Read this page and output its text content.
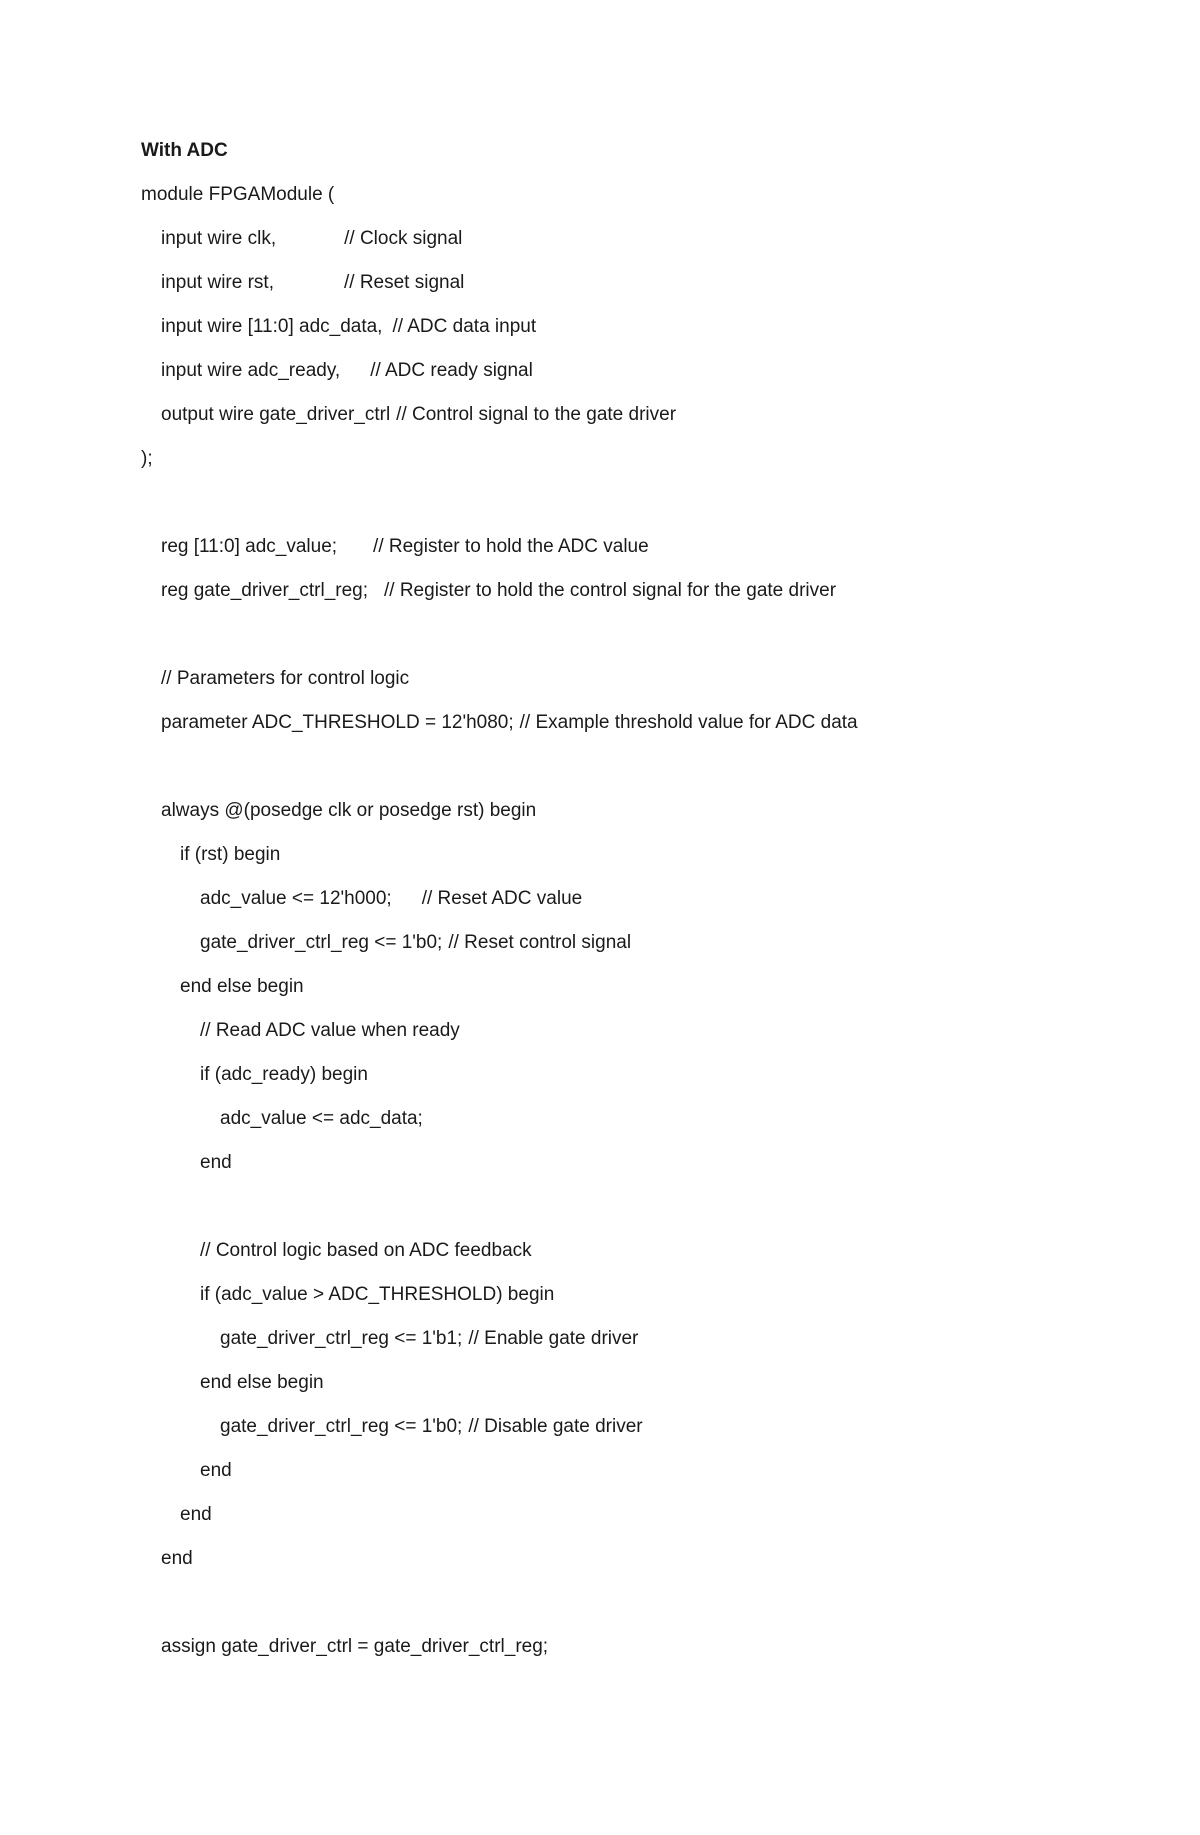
With ADC
module FPGAModule (
input wire clk,	// Clock signal
input wire rst,	// Reset signal
input wire [11:0] adc_data, // ADC data input
input wire adc_ready, // ADC ready signal
output wire gate_driver_ctrl // Control signal to the gate driver
);
reg [11:0] adc_value; // Register to hold the ADC value
reg gate_driver_ctrl_reg; // Register to hold the control signal for the gate driver
// Parameters for control logic
parameter ADC_THRESHOLD = 12'h080; // Example threshold value for ADC data
always @(posedge clk or posedge rst) begin
if (rst) begin
adc_value <= 12'h000; // Reset ADC value
gate_driver_ctrl_reg <= 1'b0; // Reset control signal
end else begin
// Read ADC value when ready
if (adc_ready) begin
adc_value <= adc_data;
end
// Control logic based on ADC feedback
if (adc_value > ADC_THRESHOLD) begin
gate_driver_ctrl_reg <= 1'b1; // Enable gate driver
end else begin
gate_driver_ctrl_reg <= 1'b0; // Disable gate driver
end
end
end
assign gate_driver_ctrl = gate_driver_ctrl_reg;
